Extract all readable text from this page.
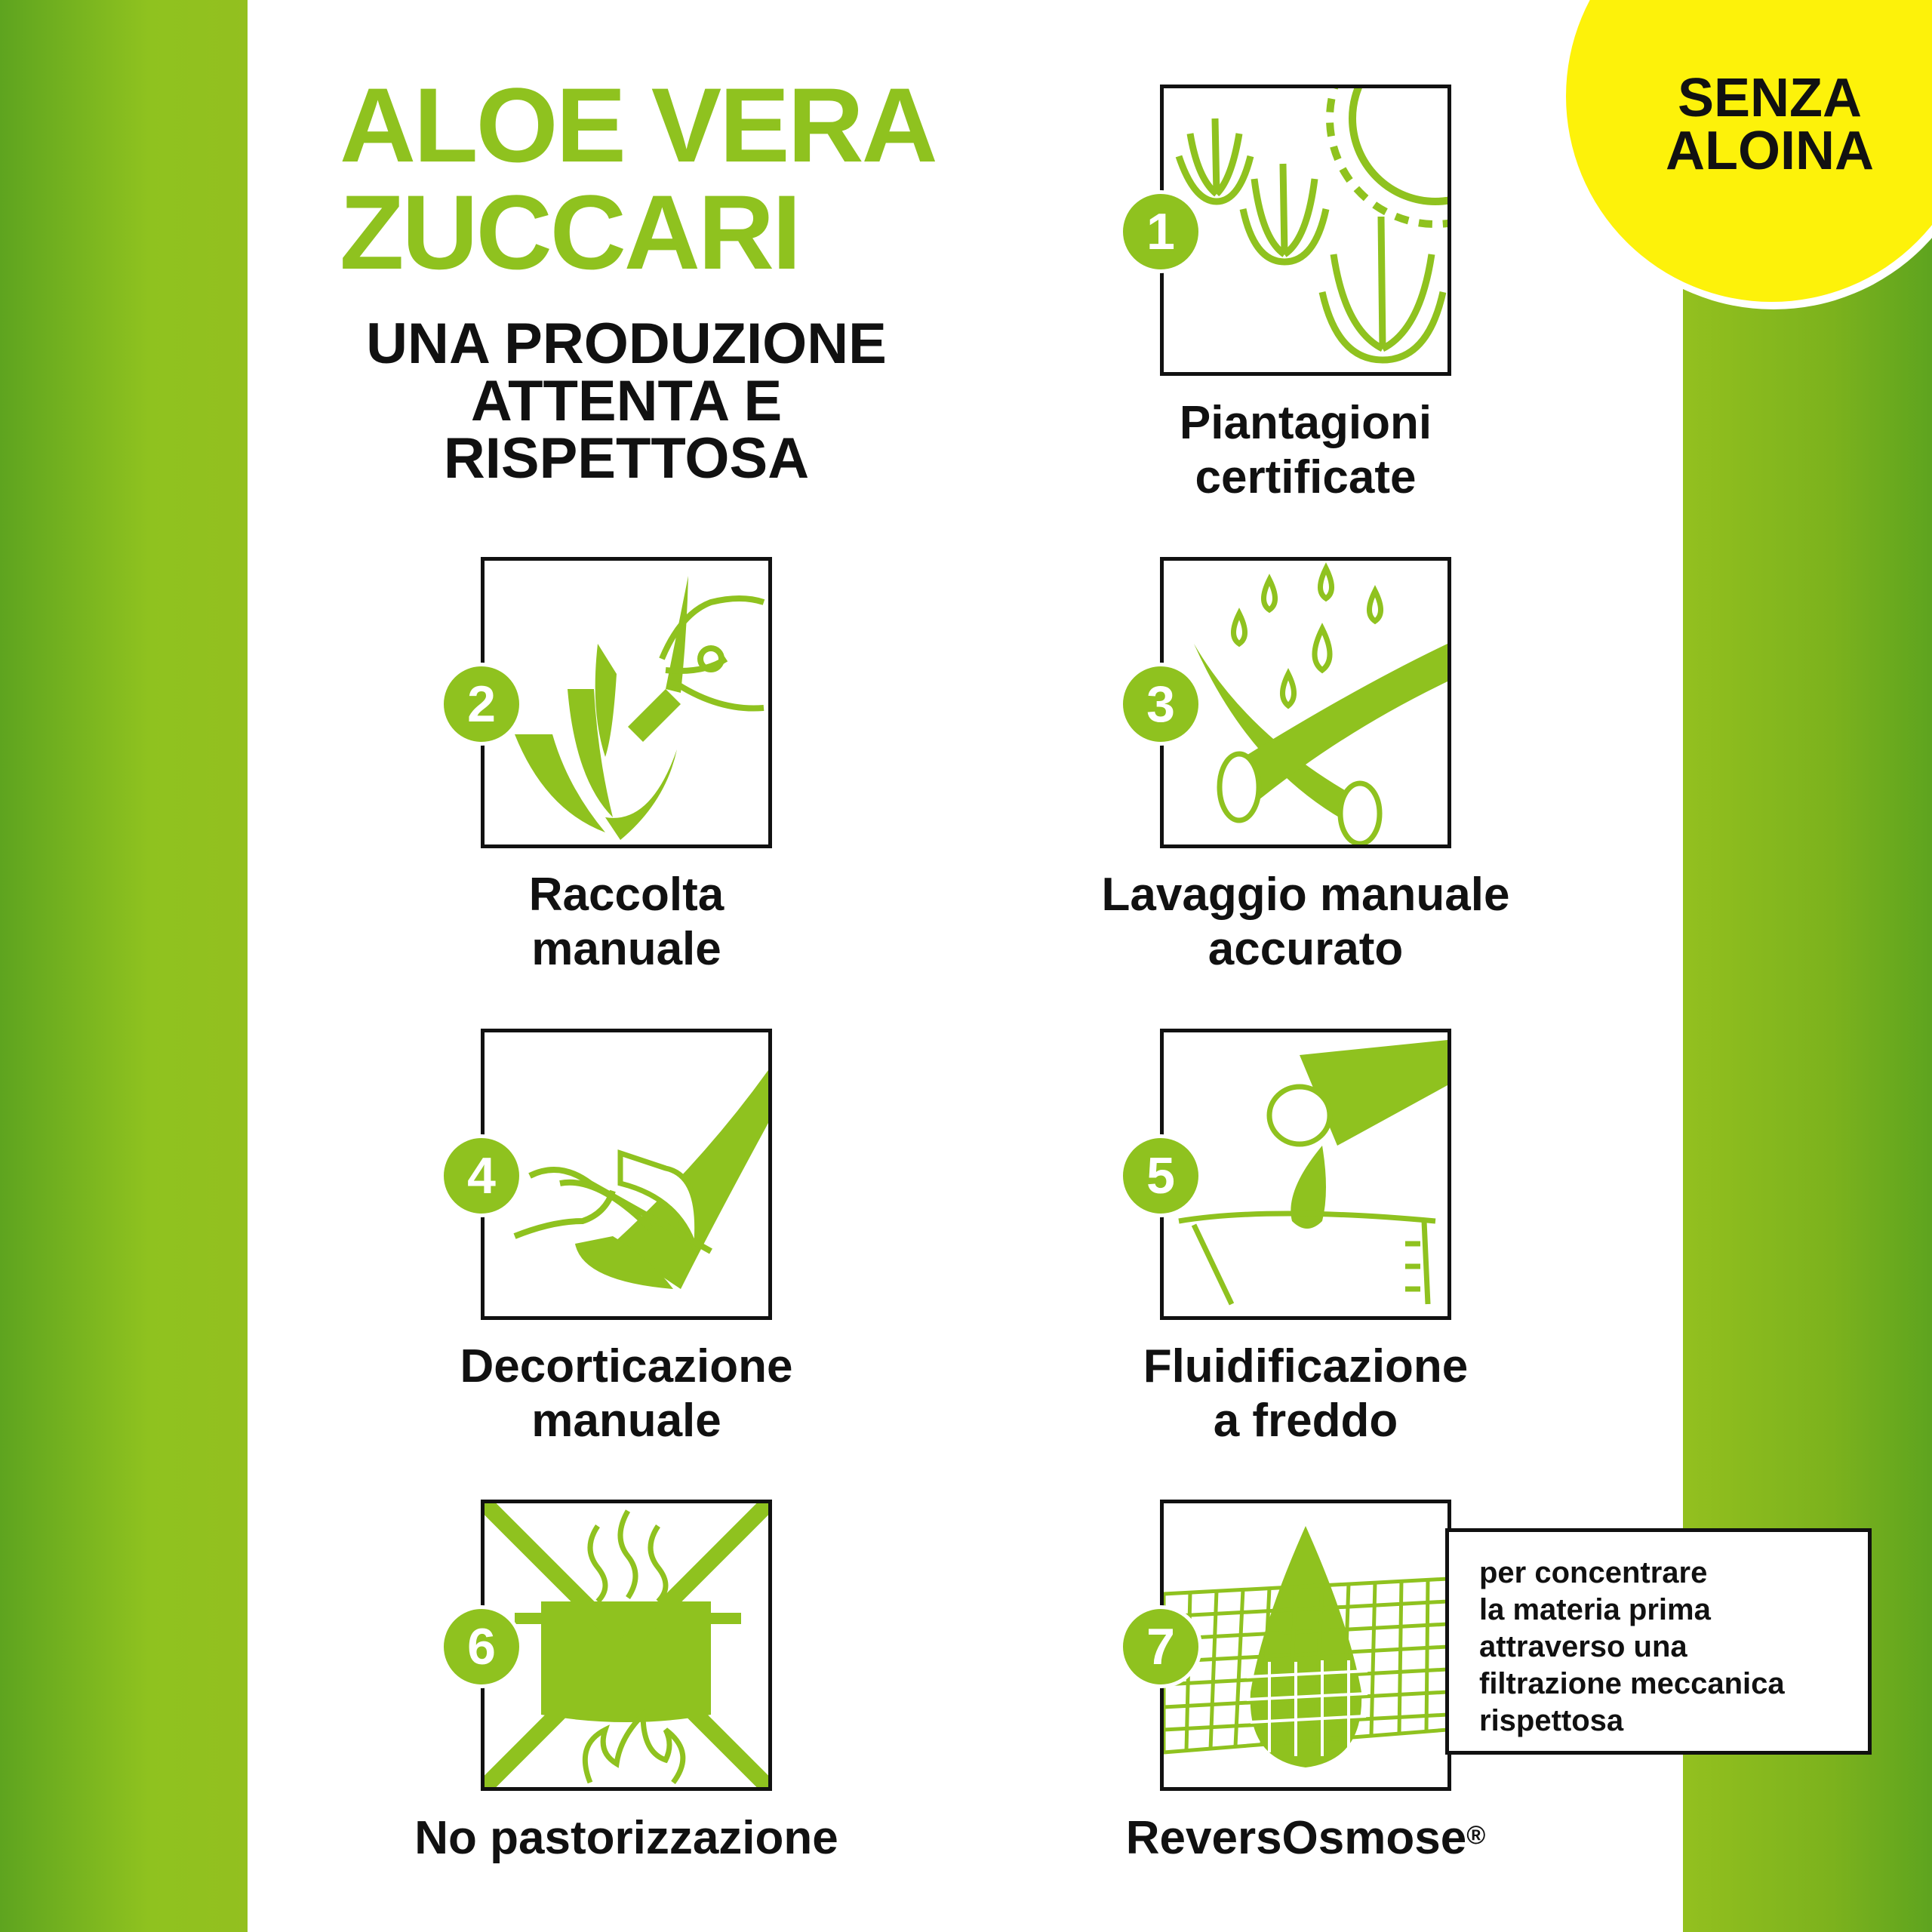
SENZA
ALOINA
ALOE VERA
ZUCCARI
UNA PRODUZIONE
ATTENTA E
RISPETTOSA
1
Piantagioni
certificate
2
Raccolta
manuale
3
Lavaggio manuale
accurato
4
Decorticazione
manuale
5
Fluidificazione
a freddo
6
No pastorizzazione
7
ReversOsmose®
per concentrare
la materia prima
attraverso una
filtrazione meccanica
rispettosa
